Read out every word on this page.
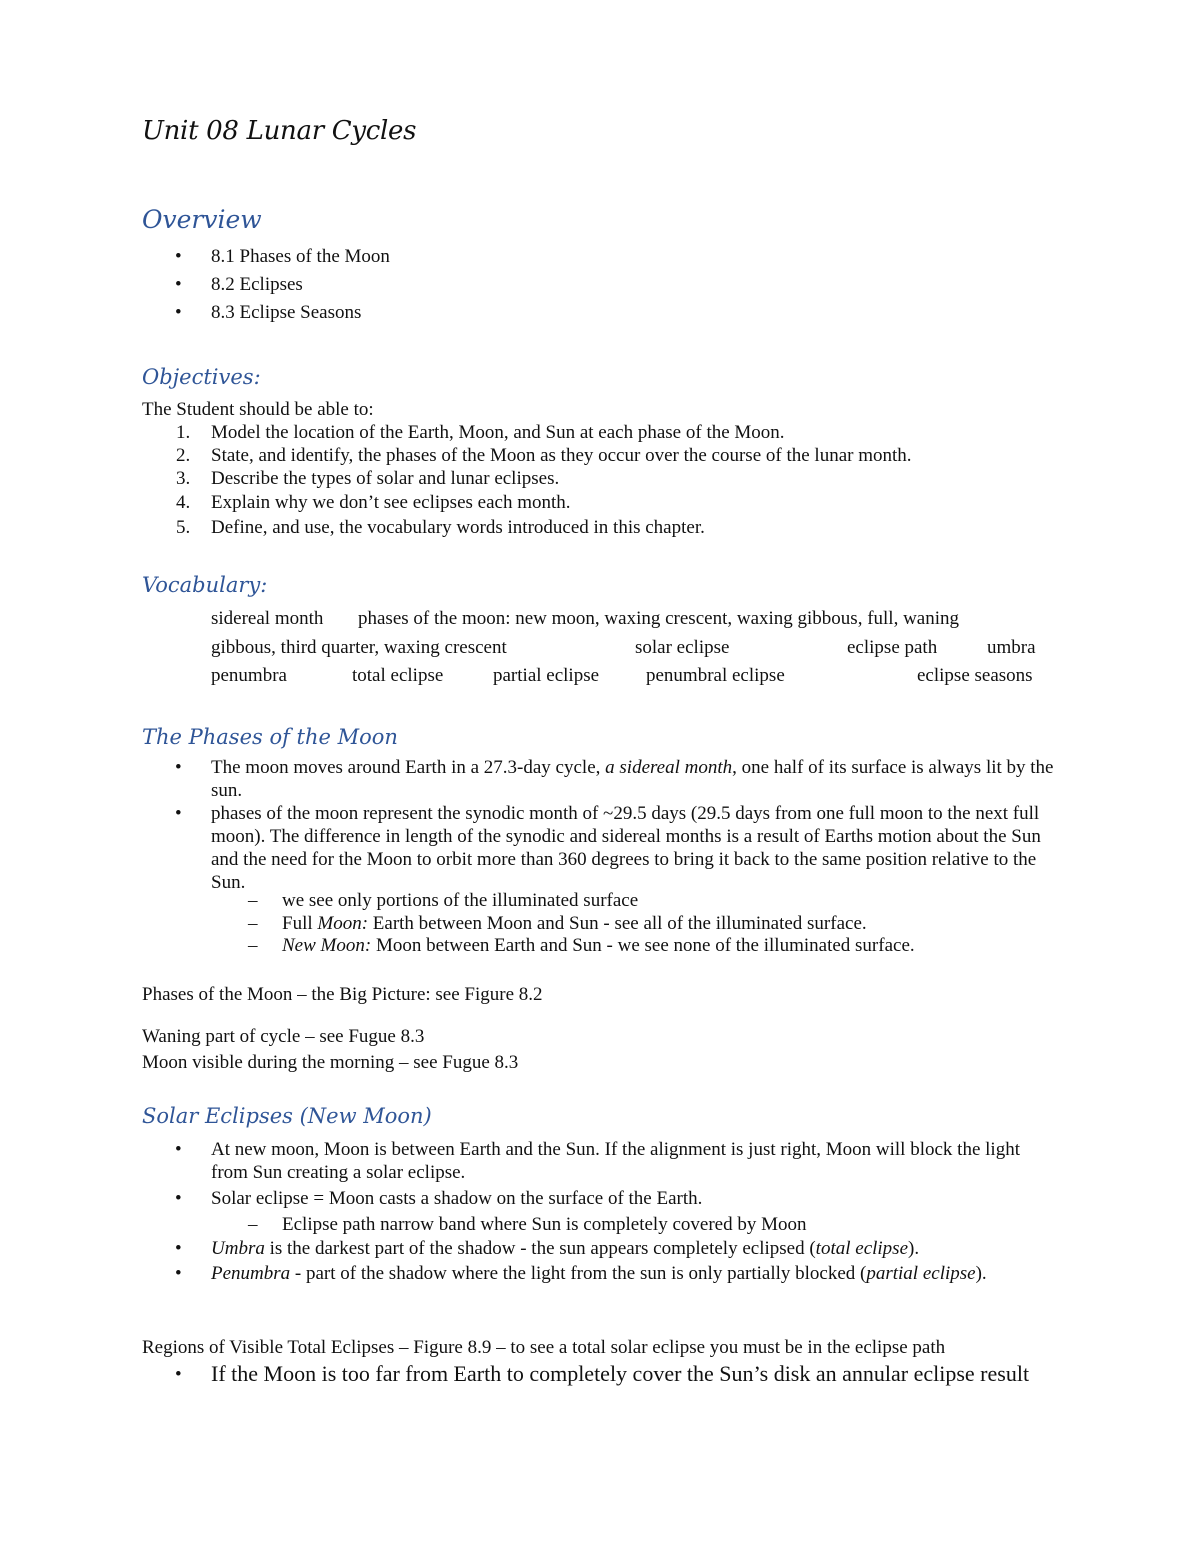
Unit 08 Lunar Cycles
Overview
• 8.1 Phases of the Moon
• 8.2 Eclipses
• 8.3 Eclipse Seasons
Objectives:
The Student should be able to:
1. Model the location of the Earth, Moon, and Sun at each phase of the Moon.
2. State, and identify, the phases of the Moon as they occur over the course of the lunar month.
3. Describe the types of solar and lunar eclipses.
4. Explain why we don’t see eclipses each month.
5. Define, and use, the vocabulary words introduced in this chapter.
Vocabulary:
sidereal month phases of the moon: new moon, waxing crescent, waxing gibbous, full, waning
gibbous, third quarter, waxing crescent	solar eclipse	eclipse path	umbra
penumbra	total eclipse	partial eclipse penumbral eclipse	eclipse seasons
The Phases of the Moon
• The moon moves around Earth in a 27.3-day cycle, a sidereal month, one half of its surface is always lit by the sun.
• phases of the moon represent the synodic month of ~29.5 days (29.5 days from one full moon to the next full moon). The difference in length of the synodic and sidereal months is a result of Earths motion about the Sun and the need for the Moon to orbit more than 360 degrees to bring it back to the same position relative to the Sun.
– we see only portions of the illuminated surface
– Full Moon: Earth between Moon and Sun - see all of the illuminated surface.
– New Moon: Moon between Earth and Sun - we see none of the illuminated surface.
Phases of the Moon – the Big Picture: see Figure 8.2
Waning part of cycle – see Fugue 8.3
Moon visible during the morning – see Fugue 8.3
Solar Eclipses (New Moon)
• At new moon, Moon is between Earth and the Sun. If the alignment is just right, Moon will block the light from Sun creating a solar eclipse.
• Solar eclipse = Moon casts a shadow on the surface of the Earth.
– Eclipse path narrow band where Sun is completely covered by Moon
• Umbra is the darkest part of the shadow - the sun appears completely eclipsed (total eclipse).
• Penumbra - part of the shadow where the light from the sun is only partially blocked (partial eclipse).
Regions of Visible Total Eclipses – Figure 8.9 – to see a total solar eclipse you must be in the eclipse path
• If the Moon is too far from Earth to completely cover the Sun’s disk an annular eclipse result
